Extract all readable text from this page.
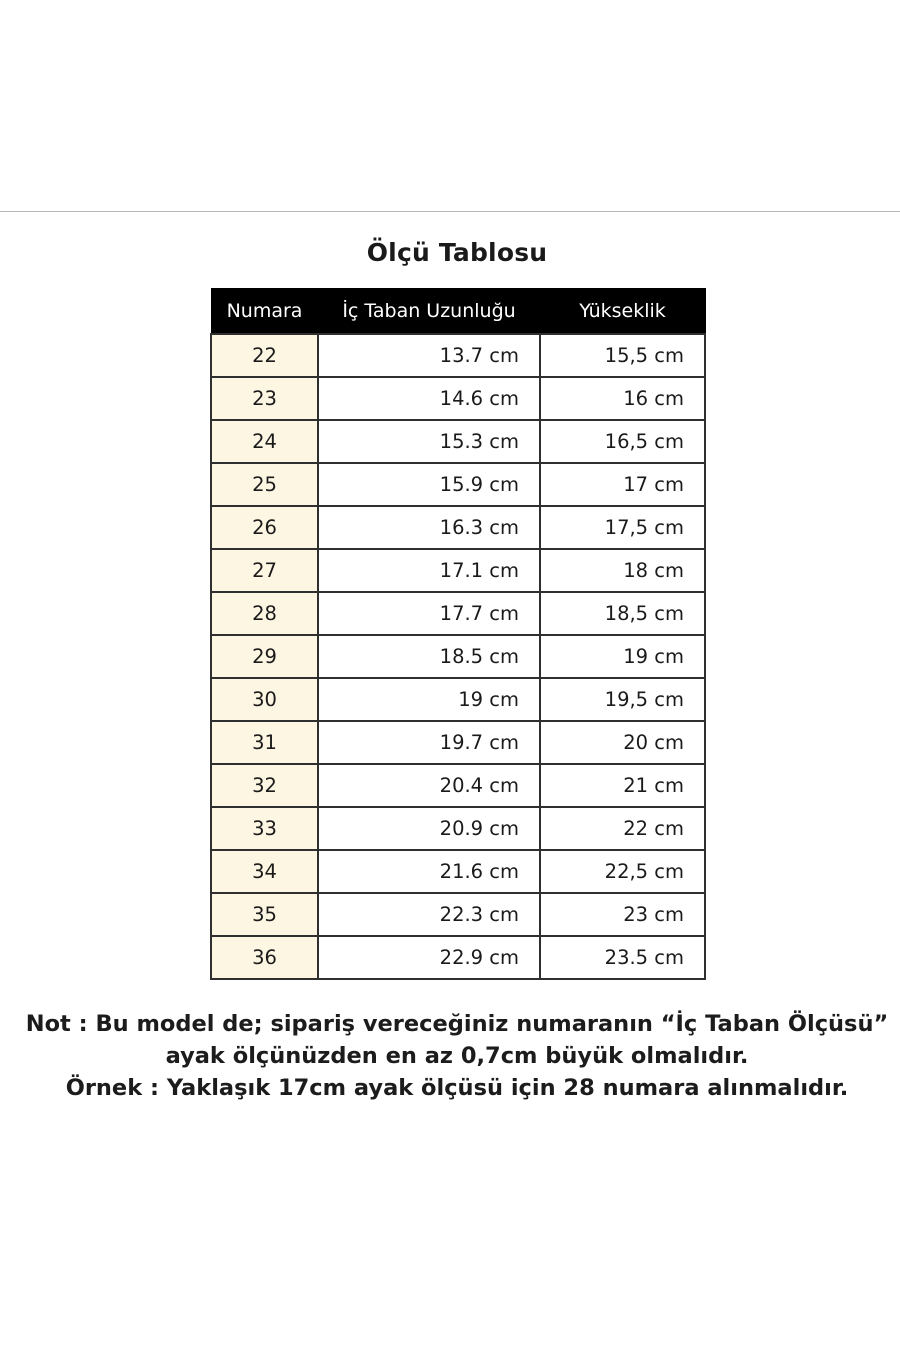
Ölçü Tablosu
Numara	İç Taban Uzunluğu	Yükseklik
22	13.7 cm	15,5 cm
23	14.6 cm	16 cm
24	15.3 cm	16,5 cm
25	15.9 cm	17 cm
26	16.3 cm	17,5 cm
27	17.1 cm	18 cm
28	17.7 cm	18,5 cm
29	18.5 cm	19 cm
30	19 cm	19,5 cm
31	19.7 cm	20 cm
32	20.4 cm	21 cm
33	20.9 cm	22 cm
34	21.6 cm	22,5 cm
35	22.3 cm	23 cm
36	22.9 cm	23.5 cm
Not : Bu model de; sipariş vereceğiniz numaranın “İç Taban Ölçüsü”
ayak ölçünüzden en az 0,7cm büyük olmalıdır.
Örnek : Yaklaşık 17cm ayak ölçüsü için 28 numara alınmalıdır.
